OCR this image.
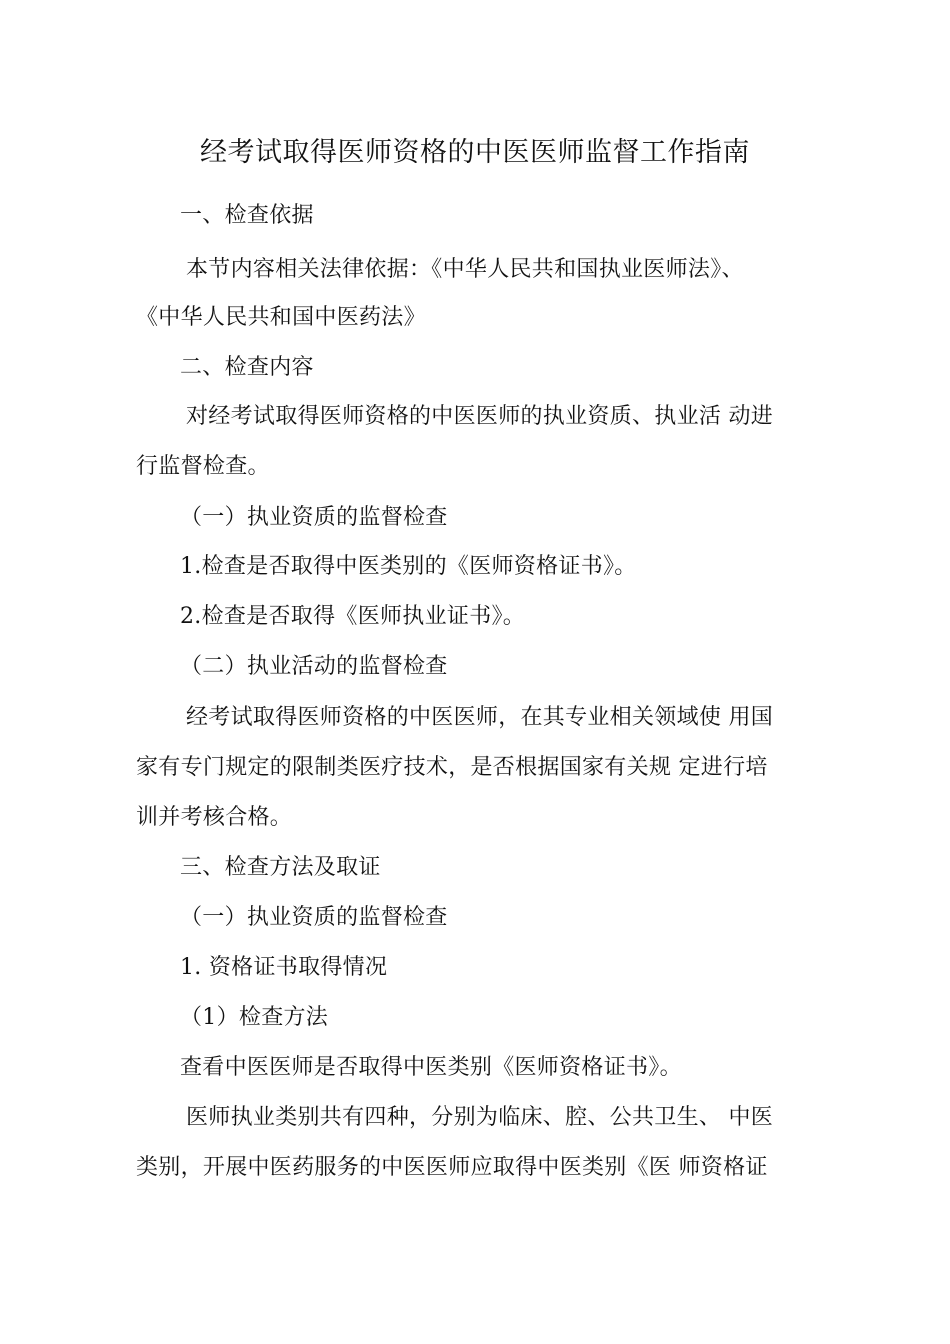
经考试取得医师资格的中医医师监督工作指南
一、检查依据
本节内容相关法律依据：《中华人民共和国执业医师法》、
《中华人民共和国中医药法》
二、检查内容
对经考试取得医师资格的中医医师的执业资质、执业活 动进
行监督检查。
（一）执业资质的监督检查
1.检查是否取得中医类别的《医师资格证书》。
2.检查是否取得《医师执业证书》。
（二）执业活动的监督检查
经考试取得医师资格的中医医师，在其专业相关领域使 用国
家有专门规定的限制类医疗技术，是否根据国家有关规 定进行培
训并考核合格。
三、检查方法及取证
（一）执业资质的监督检查
1. 资格证书取得情况
（1）检查方法
查看中医医师是否取得中医类别《医师资格证书》。
医师执业类别共有四种，分别为临床、腔、公共卫生、 中医
类别，开展中医药服务的中医医师应取得中医类别《医 师资格证
